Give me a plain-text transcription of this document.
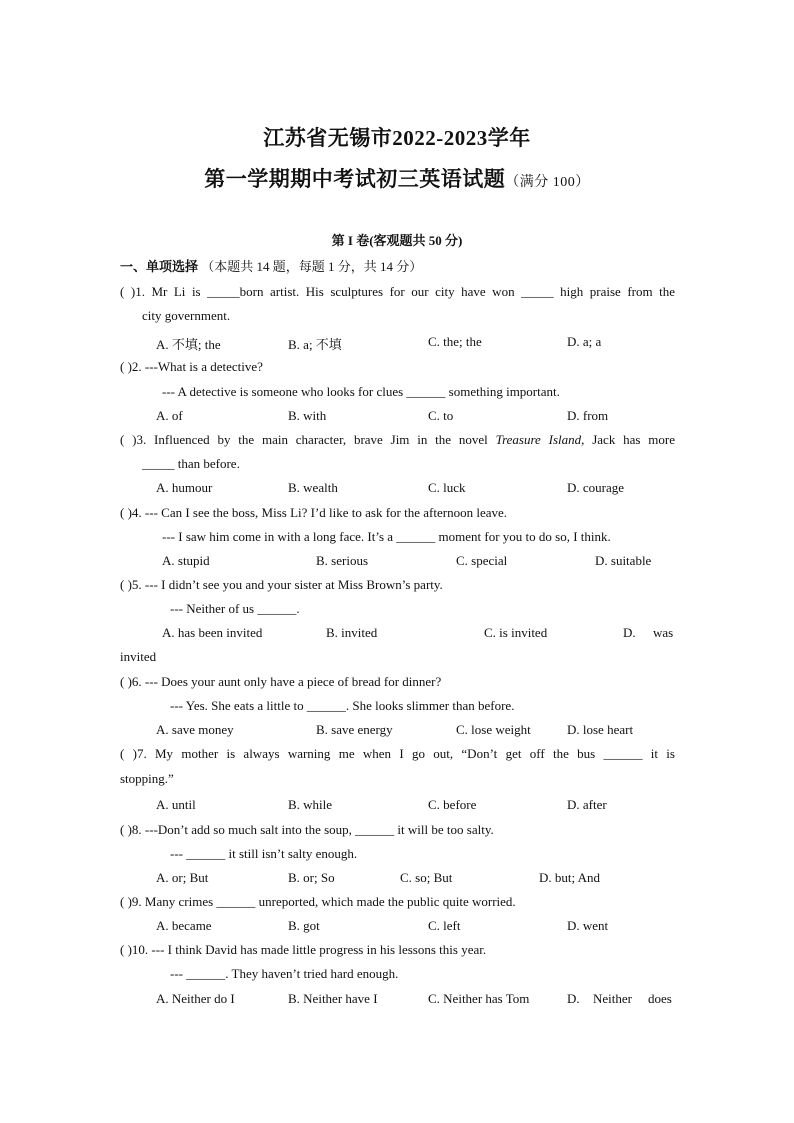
江苏省无锡市2022-2023学年
第一学期期中考试初三英语试题（满分 100）
第 I 卷(客观题共 50 分)
一、单项选择 （本题共 14 题，每题 1 分，共 14 分）
( )1. Mr Li is _____born artist. His sculptures for our city have won _____ high praise from the
city government.
A. 不填; the	B. a; 不填	C. the; the	D. a; a
( )2. ---What is a detective?
--- A detective is someone who looks for clues ______ something important.
A. of	B. with	C. to	D. from
( )3. Influenced by the main character, brave Jim in the novel Treasure Island, Jack has more
_____ than before.
A. humour	B. wealth	C. luck	D. courage
( )4. --- Can I see the boss, Miss Li? I’d like to ask for the afternoon leave.
--- I saw him come in with a long face. It’s a ______ moment for you to do so, I think.
A. stupid	B. serious	C. special	D. suitable
( )5. --- I didn’t see you and your sister at Miss Brown’s party.
--- Neither of us ______.
A. has been invited	B. invited	C. is invited	D. was
invited
( )6. --- Does your aunt only have a piece of bread for dinner?
--- Yes. She eats a little to ______. She looks slimmer than before.
A. save money	B. save energy	C. lose weight	D. lose heart
( )7. My mother is always warning me when I go out, “Don’t get off the bus ______ it is
stopping.”
A. until	B. while	C. before	D. after
( )8. ---Don’t add so much salt into the soup, ______ it will be too salty.
--- ______ it still isn’t salty enough.
A. or; But	B. or; So	C. so; But	D. but; And
( )9. Many crimes ______ unreported, which made the public quite worried.
A. became	B. got	C. left	D. went
( )10. --- I think David has made little progress in his lessons this year.
--- ______. They haven’t tried hard enough.
A. Neither do I	B. Neither have I	C. Neither has Tom	D. Neither does
